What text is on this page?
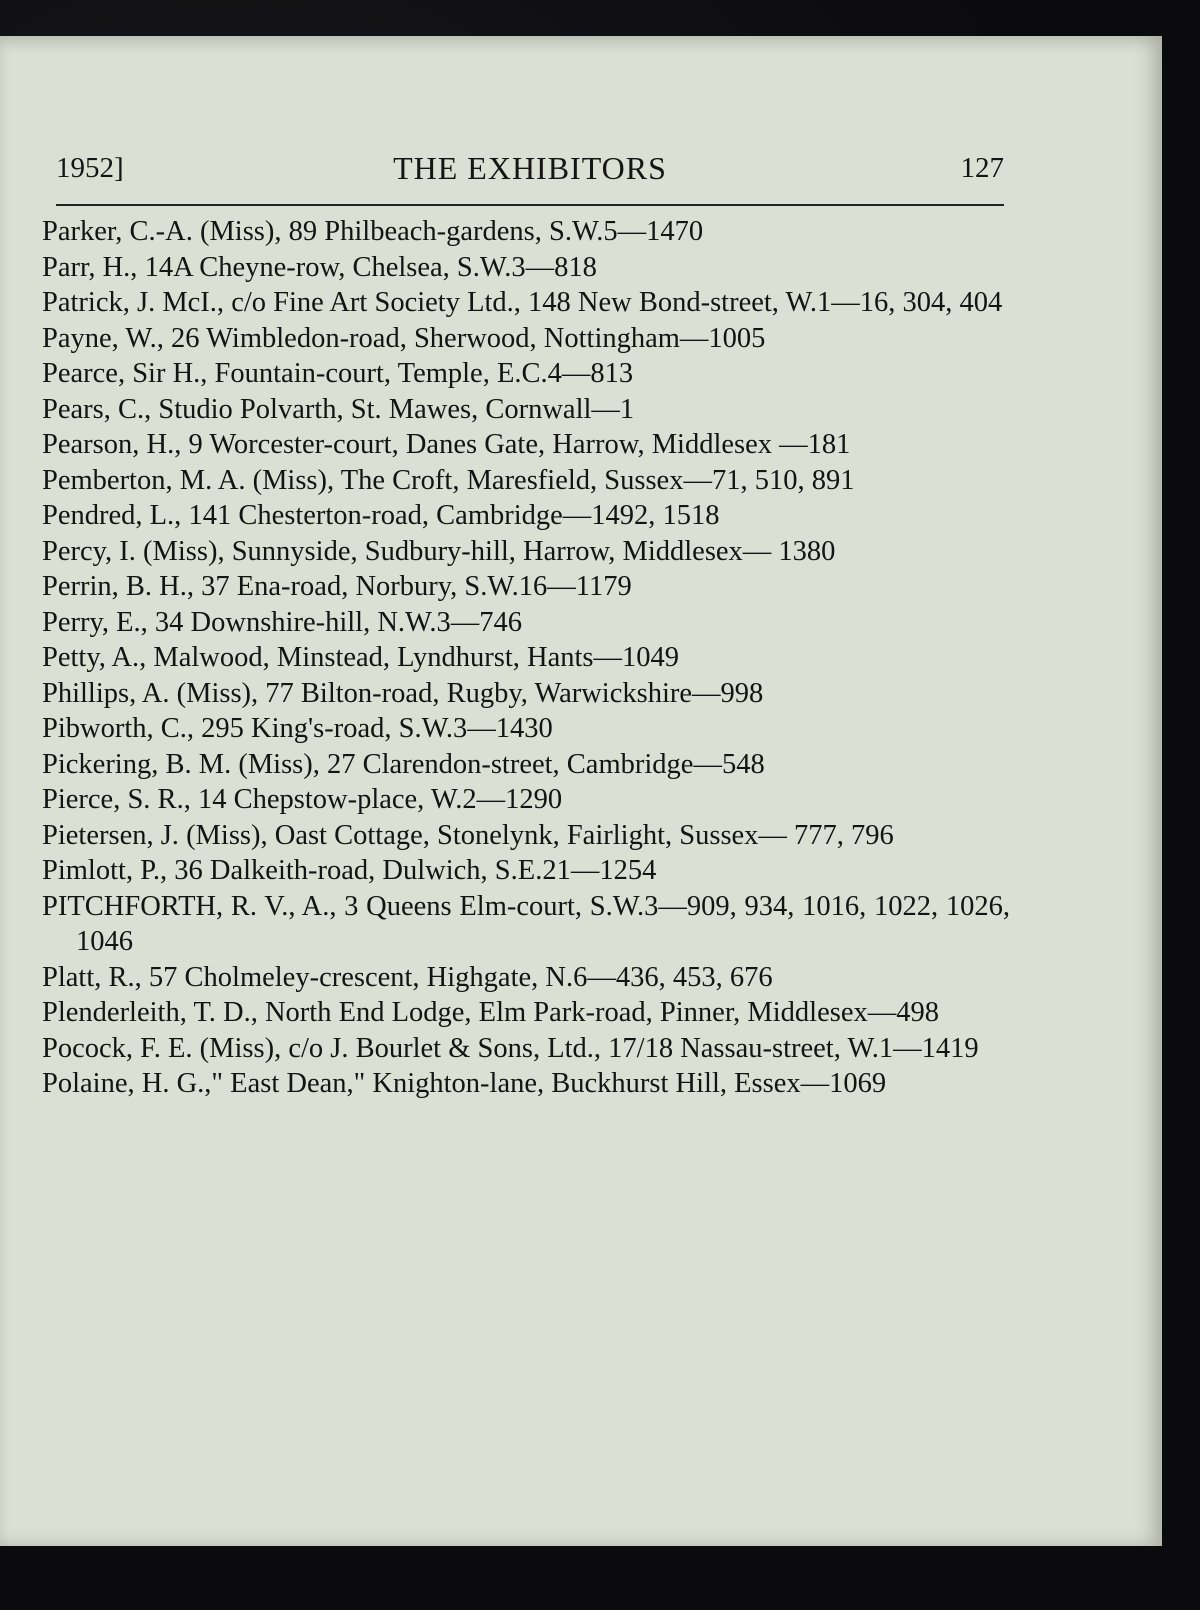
1952]	THE EXHIBITORS	127
Parker, C.-A. (Miss), 89 Philbeach-gardens, S.W.5—1470
Parr, H., 14A Cheyne-row, Chelsea, S.W.3—818
Patrick, J. McI., c/o Fine Art Society Ltd., 148 New Bond-street, W.1—16, 304, 404
Payne, W., 26 Wimbledon-road, Sherwood, Nottingham—1005
Pearce, Sir H., Fountain-court, Temple, E.C.4—813
Pears, C., Studio Polvarth, St. Mawes, Cornwall—1
Pearson, H., 9 Worcester-court, Danes Gate, Harrow, Middlesex —181
Pemberton, M. A. (Miss), The Croft, Maresfield, Sussex—71, 510, 891
Pendred, L., 141 Chesterton-road, Cambridge—1492, 1518
Percy, I. (Miss), Sunnyside, Sudbury-hill, Harrow, Middlesex— 1380
Perrin, B. H., 37 Ena-road, Norbury, S.W.16—1179
Perry, E., 34 Downshire-hill, N.W.3—746
Petty, A., Malwood, Minstead, Lyndhurst, Hants—1049
Phillips, A. (Miss), 77 Bilton-road, Rugby, Warwickshire—998
Pibworth, C., 295 King's-road, S.W.3—1430
Pickering, B. M. (Miss), 27 Clarendon-street, Cambridge—548
Pierce, S. R., 14 Chepstow-place, W.2—1290
Pietersen, J. (Miss), Oast Cottage, Stonelynk, Fairlight, Sussex— 777, 796
Pimlott, P., 36 Dalkeith-road, Dulwich, S.E.21—1254
PITCHFORTH, R. V., A., 3 Queens Elm-court, S.W.3—909, 934, 1016, 1022, 1026, 1046
Platt, R., 57 Cholmeley-crescent, Highgate, N.6—436, 453, 676
Plenderleith, T. D., North End Lodge, Elm Park-road, Pinner, Middlesex—498
Pocock, F. E. (Miss), c/o J. Bourlet & Sons, Ltd., 17/18 Nassau-street, W.1—1419
Polaine, H. G.," East Dean," Knighton-lane, Buckhurst Hill, Essex—1069
